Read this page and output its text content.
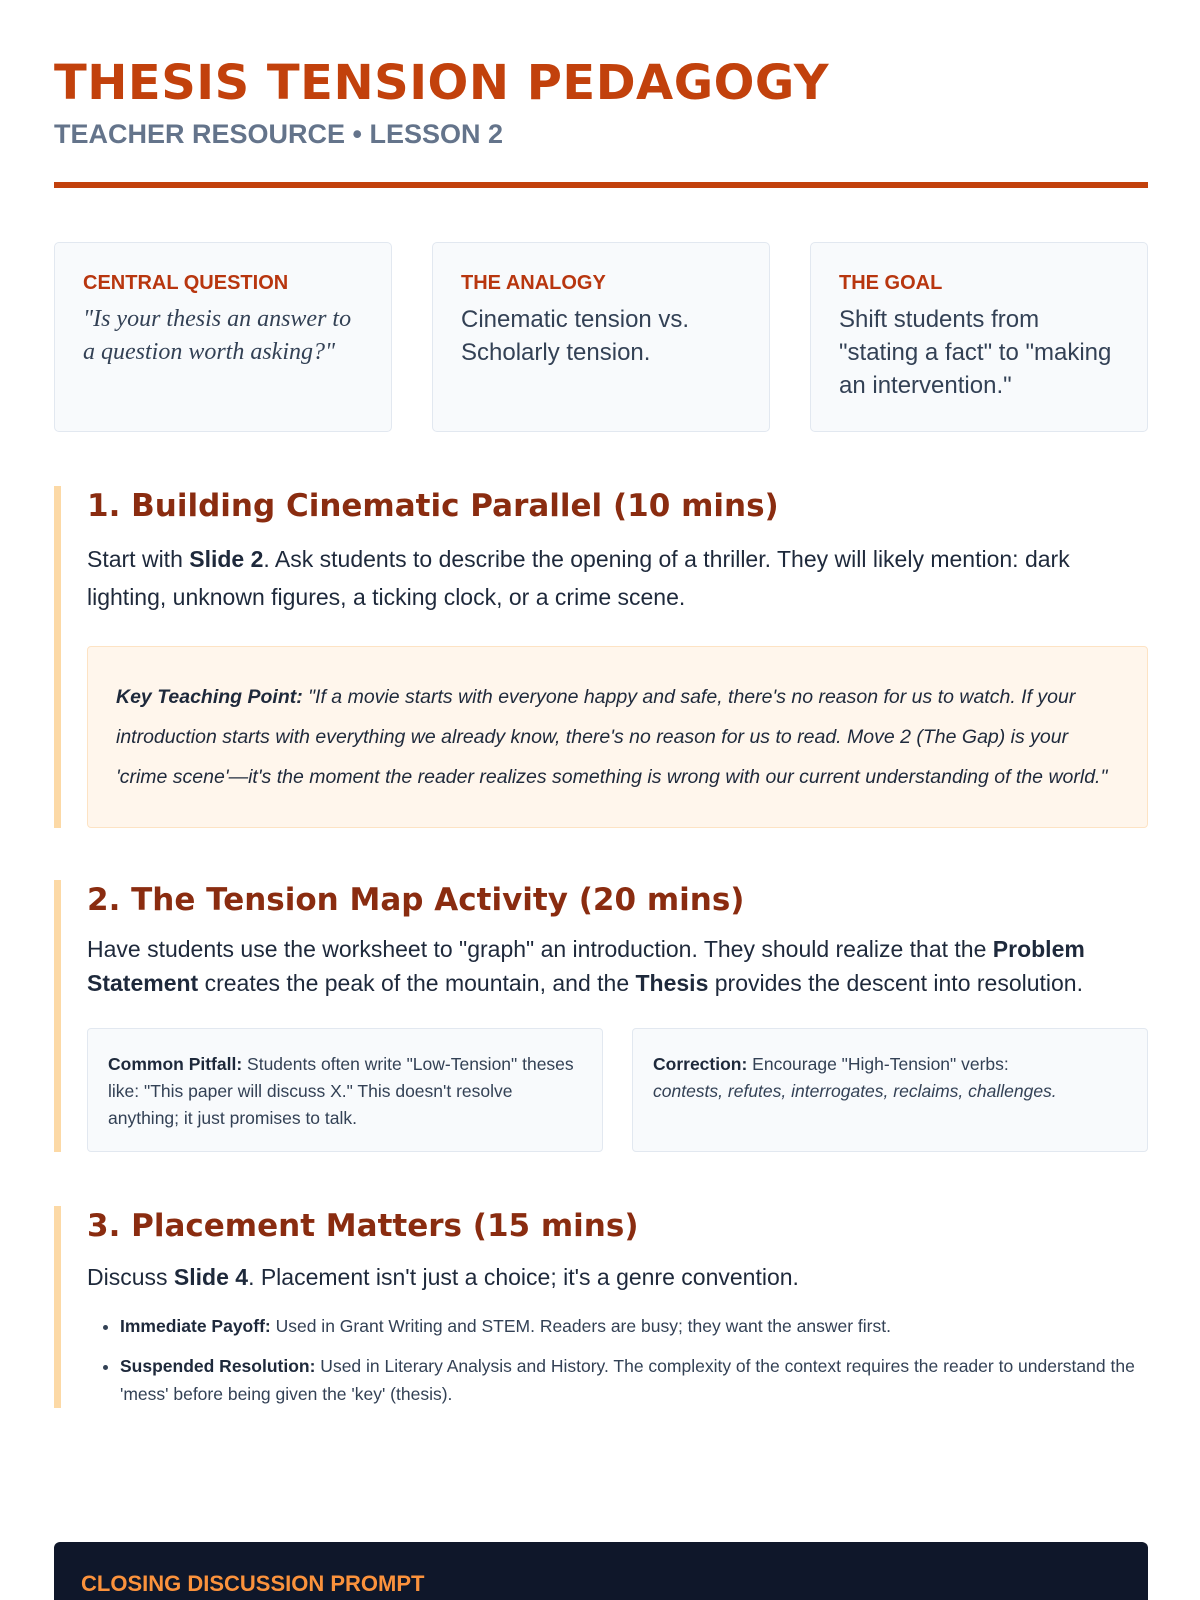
THESIS TENSION PEDAGOGY
TEACHER RESOURCE • LESSON 2
CENTRAL QUESTION
"Is your thesis an answer to a question worth asking?"
THE ANALOGY
Cinematic tension vs. Scholarly tension.
THE GOAL
Shift students from "stating a fact" to "making an intervention."
1. Building Cinematic Parallel (10 mins)

Start with Slide 2. Ask students to describe the opening of a thriller. They will likely mention: dark lighting, unknown figures, a ticking clock, or a crime scene.

Key Teaching Point: "If a movie starts with everyone happy and safe, there's no reason for us to watch. If your introduction starts with everything we already know, there's no reason for us to read. Move 2 (The Gap) is your 'crime scene'—it's the moment the reader realizes something is wrong with our current understanding of the world."
2. The Tension Map Activity (20 mins)

Have students use the worksheet to "graph" an introduction. They should realize that the Problem Statement creates the peak of the mountain, and the Thesis provides the descent into resolution.

Common Pitfall: Students often write "Low-Tension" theses like: "This paper will discuss X." This doesn't resolve anything; it just promises to talk.
Correction: Encourage "High-Tension" verbs:
contests, refutes, interrogates, reclaims, challenges.
3. Placement Matters (15 mins)

Discuss Slide 4. Placement isn't just a choice; it's a genre convention.

• Immediate Payoff: Used in Grant Writing and STEM. Readers are busy; they want the answer first.
• Suspended Resolution: Used in Literary Analysis and History. The complexity of the context requires the reader to understand the 'mess' before being given the 'key' (thesis).
CLOSING DISCUSSION PROMPT
